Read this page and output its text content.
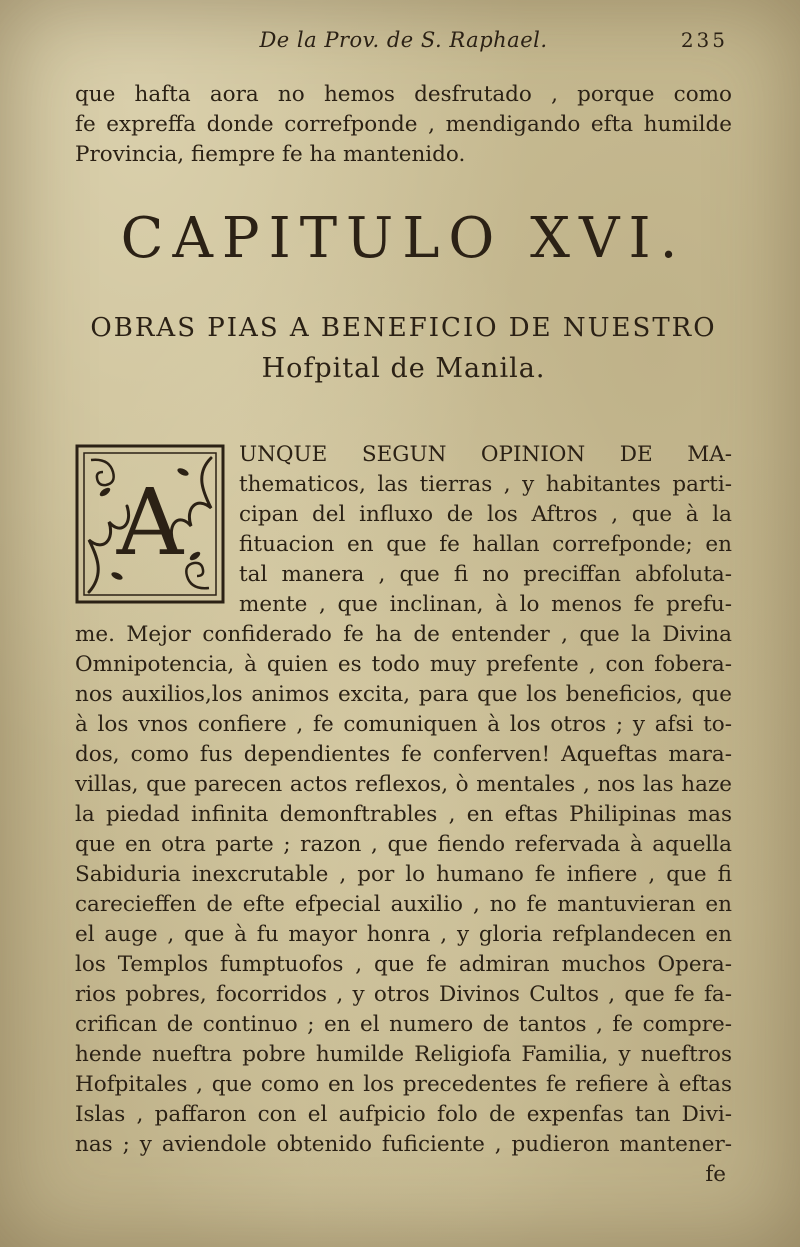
De la Prov. de S. Raphael.	235
que hafta aora no hemos desfrutado , porque como
fe expreffa donde correfponde , mendigando efta humilde
Provincia, fiempre fe ha mantenido.
CAPITULO XVI.
OBRAS PIAS A BENEFICIO DE NUESTRO
Hofpital de Manila.
A
UNQUE SEGUN OPINION DE MA-
thematicos, las tierras , y habitantes parti-
cipan del influxo de los Aftros , que à la
fituacion en que fe hallan correfponde; en
tal manera , que fi no preciffan abfoluta-
mente , que inclinan, à lo menos fe prefu-
me. Mejor confiderado fe ha de entender , que la Divina
Omnipotencia, à quien es todo muy prefente , con fobera-
nos auxilios,los animos excita, para que los beneficios, que
à los vnos confiere , fe comuniquen à los otros ; y afsi to-
dos, como fus dependientes fe conferven! Aqueftas mara-
villas, que parecen actos reflexos, ò mentales , nos las haze
la piedad infinita demonftrables , en eftas Philipinas mas
que en otra parte ; razon , que fiendo refervada à aquella
Sabiduria inexcrutable , por lo humano fe infiere , que fi
carecieffen de efte efpecial auxilio , no fe mantuvieran en
el auge , que à fu mayor honra , y gloria refplandecen en
los Templos fumptuofos , que fe admiran muchos Opera-
rios pobres, focorridos , y otros Divinos Cultos , que fe fa-
crifican de continuo ; en el numero de tantos , fe compre-
hende nueftra pobre humilde Religiofa Familia, y nueftros
Hofpitales , que como en los precedentes fe refiere à eftas
Islas , paffaron con el aufpicio folo de expenfas tan Divi-
nas ; y aviendole obtenido fuficiente , pudieron mantener-
fe
